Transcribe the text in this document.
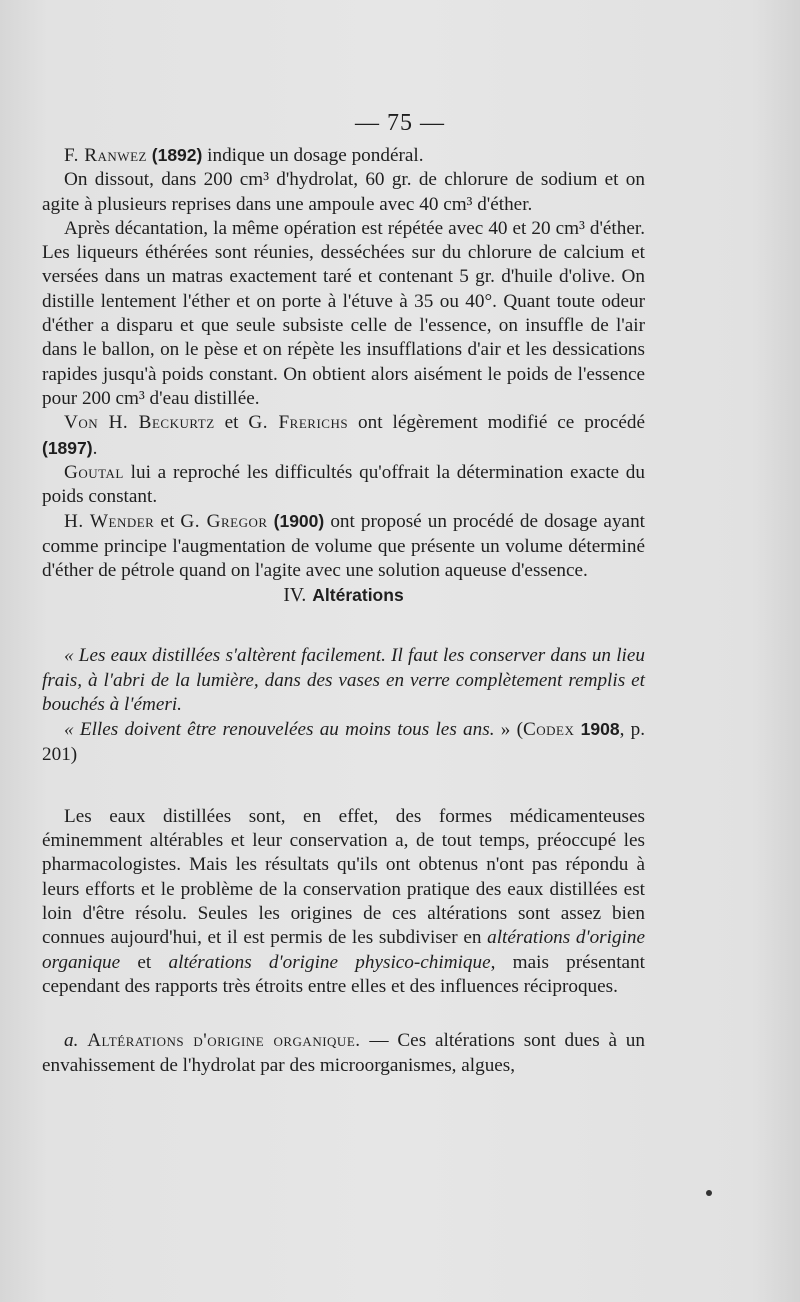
— 75 —

F. Ranwez (1892) indique un dosage pondéral.

On dissout, dans 200 cm³ d'hydrolat, 60 gr. de chlorure de sodium et on agite à plusieurs reprises dans une ampoule avec 40 cm³ d'éther.

Après décantation, la même opération est répétée avec 40 et 20 cm³ d'éther. Les liqueurs éthérées sont réunies, desséchées sur du chlorure de calcium et versées dans un matras exactement taré et contenant 5 gr. d'huile d'olive. On distille lentement l'éther et on porte à l'étuve à 35 ou 40°. Quant toute odeur d'éther a disparu et que seule subsiste celle de l'essence, on insuffle de l'air dans le ballon, on le pèse et on répète les insufflations d'air et les dessications rapides jusqu'à poids constant. On obtient alors aisément le poids de l'essence pour 200 cm³ d'eau distillée.

Von H. Beckurtz et G. Frerichs ont légèrement modifié ce procédé (1897).

Goutal lui a reproché les difficultés qu'offrait la détermination exacte du poids constant.

H. Wender et G. Gregor (1900) ont proposé un procédé de dosage ayant comme principe l'augmentation de volume que présente un volume déterminé d'éther de pétrole quand on l'agite avec une solution aqueuse d'essence.

IV. Altérations

« Les eaux distillées s'altèrent facilement. Il faut les conserver dans un lieu frais, à l'abri de la lumière, dans des vases en verre complètement remplis et bouchés à l'émeri.

« Elles doivent être renouvelées au moins tous les ans. » (Codex 1908, p. 201)

Les eaux distillées sont, en effet, des formes médicamenteuses éminemment altérables et leur conservation a, de tout temps, préoccupé les pharmacologistes. Mais les résultats qu'ils ont obtenus n'ont pas répondu à leurs efforts et le problème de la conservation pratique des eaux distillées est loin d'être résolu. Seules les origines de ces altérations sont assez bien connues aujourd'hui, et il est permis de les subdiviser en altérations d'origine organique et altérations d'origine physico-chimique, mais présentant cependant des rapports très étroits entre elles et des influences réciproques.

a. Altérations d'origine organique. — Ces altérations sont dues à un envahissement de l'hydrolat par des microorganismes, algues,
